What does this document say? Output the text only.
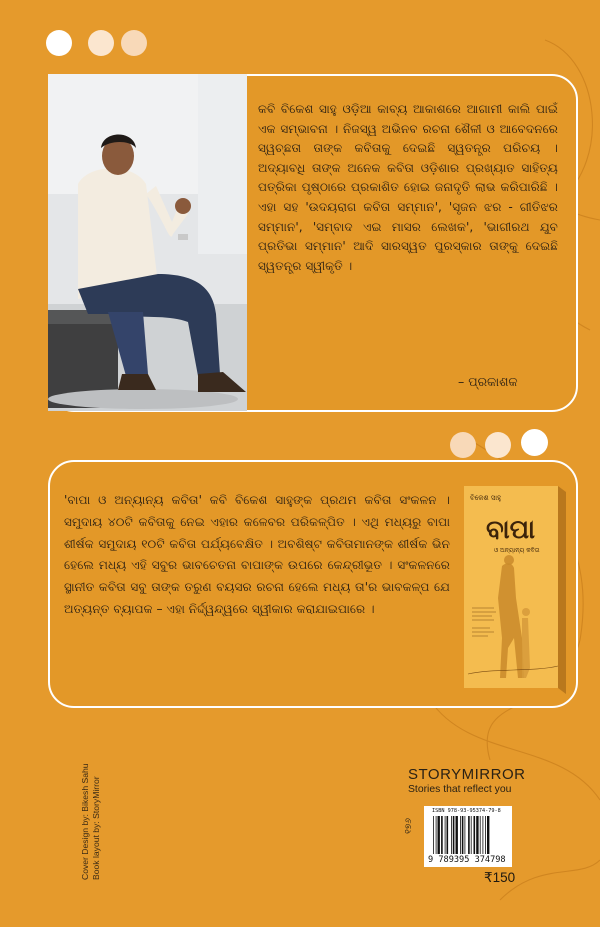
କବି ବିକେଶ ସାହୁ ଓଡ଼ିଆ କାବ୍ୟ ଆକାଶରେ ଆଗାମୀ କାଲି ପାଇଁ ଏକ ସମ୍ଭାବନା । ନିଜସ୍ୱ ଅଭିନବ ରଚନା ଶୈଳୀ ଓ ଆବେଦନରେ ସ୍ୱଚ୍ଛତା ତାଙ୍କ କବିତାକୁ ଦେଇଛି ସ୍ୱତନ୍ତ୍ର ପରିଚୟ । ଅଦ୍ୟାବଧି ତାଙ୍କ ଅନେକ କବିତା ଓଡ଼ିଶାର ପ୍ରଖ୍ୟାତ ସାହିତ୍ୟ ପତ୍ରିକା ପୃଷ୍ଠାରେ ପ୍ରକାଶିତ ହୋଇ ଜନାଦୃତି ଲାଭ କରିପାରିଛି । ଏହା ସହ 'ଉଦୟରାଗ କବିତା ସମ୍ମାନ', 'ସୃଜନ ଝର - ଗୀତିଝର ସମ୍ମାନ', 'ସମ୍ବାଦ ଏଇ ମାସର ଲେଖକ', 'ଭାଗୀରଥ ଯୁବ ପ୍ରତିଭା ସମ୍ମାନ' ଆଦି ସାରସ୍ୱତ ପୁରସ୍କାର ତାଙ୍କୁ ଦେଇଛି ସ୍ୱତନ୍ତ୍ର ସ୍ୱୀକୃତି ।

– ପ୍ରକାଶକ

'ବାପା ଓ ଅନ୍ୟାନ୍ୟ କବିତା' କବି ବିକେଶ ସାହୁଙ୍କ ପ୍ରଥମ କବିତା ସଂକଳନ । ସମୁଦାୟ ୪୦ଟି କବିତାକୁ ନେଇ ଏହାର କଳେବର ପରିକଳ୍ପିତ । ଏଥି ମଧ୍ୟରୁ ବାପା ଶୀର୍ଷକ ସମୁଦାୟ ୧୦ଟି କବିତା ପର୍ଯ୍ୟବେକ୍ଷିତ । ଅବଶିଷ୍ଟ କବିତାମାନଙ୍କ ଶୀର୍ଷକ ଭିନ ହେଲେ ମଧ୍ୟ ଏହି ସବୁର ଭାବଚେତନା ବାପାଙ୍କ ଉପରେ କେନ୍ଦ୍ରୀଭୂତ । ସଂକଳନରେ ସ୍ଥାନୀତ କବିତା ସବୁ ତାଙ୍କ ତରୁଣ ବୟସର ରଚନା ହେଲେ ମଧ୍ୟ ତା'ର ଭାବକଳ୍ପ ଯେ ଅତ୍ୟନ୍ତ ବ୍ୟାପକ – ଏହା ନିର୍ଦ୍ଦ୍ୱନ୍ଦ୍ୱରେ ସ୍ୱୀକାର କରାଯାଇପାରେ ।

ବିକେଶ ସାହୁ
ବାପା
ଓ ଅନ୍ୟାନ୍ୟ କବିତା
Cover Design by: Bikesh Sahu Book layout by: StoryMirror
STORYMIRROR
Stories that reflect you
୧୭୬
ISBN 978-93-95374-79-8
9 789395 374798
₹150
